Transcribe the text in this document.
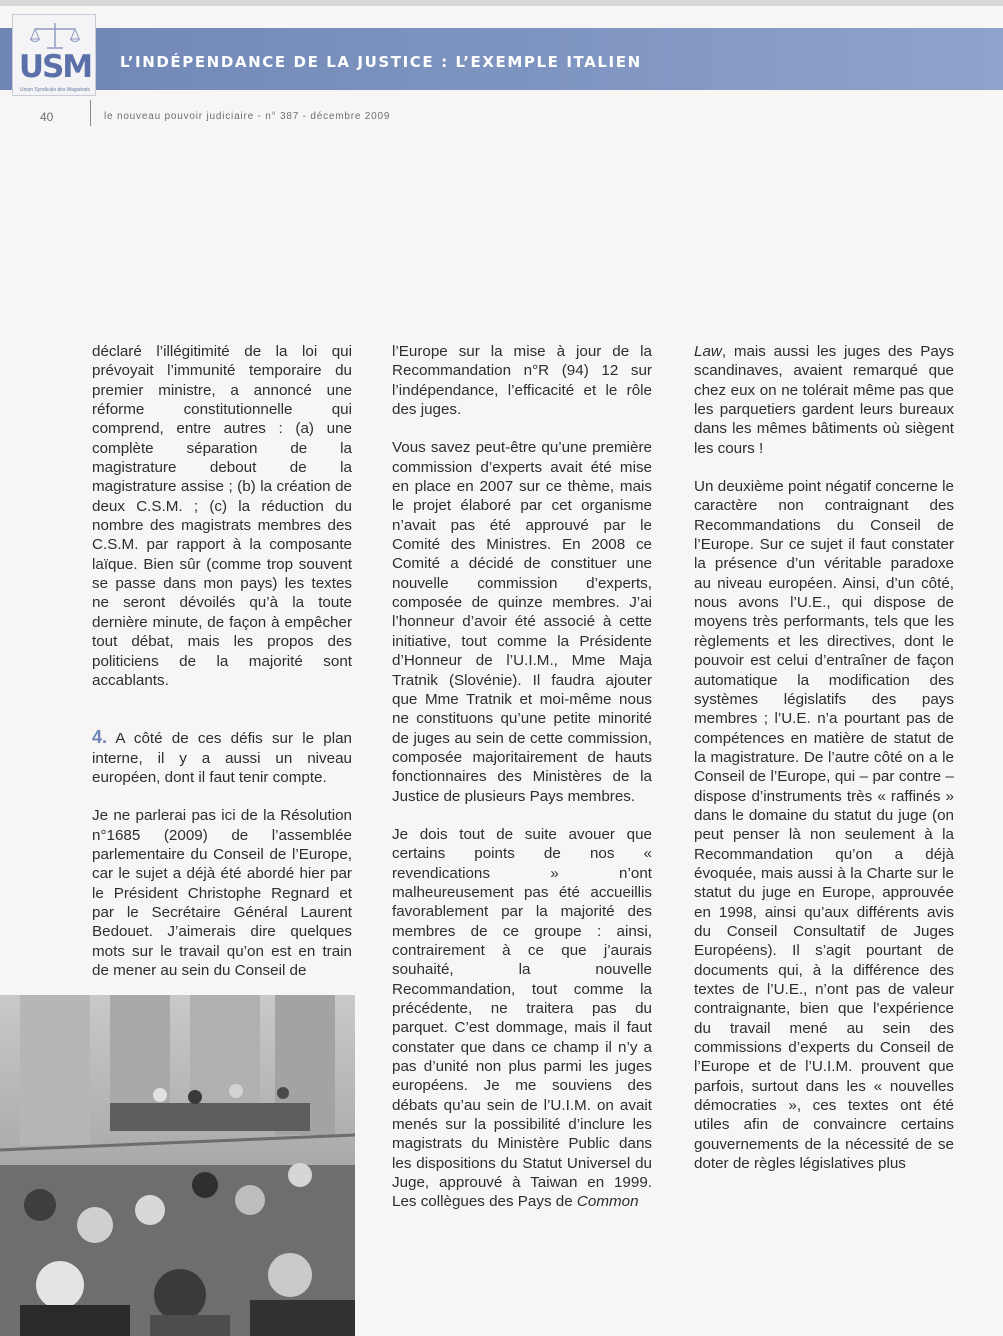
USM
Union Syndicale des Magistrats
L’INDÉPENDANCE DE LA JUSTICE : L’EXEMPLE ITALIEN
40	le nouveau pouvoir judiciaire - n° 387 - décembre 2009

déclaré l’illégitimité de la loi qui prévoyait l’immunité temporaire du premier ministre, a annoncé une réforme constitutionnelle qui comprend, entre autres : (a) une complète séparation de la magistrature debout de la magistrature assise ; (b) la création de deux C.S.M. ; (c) la réduction du nombre des magistrats membres des C.S.M. par rapport à la composante laïque. Bien sûr (comme trop souvent se passe dans mon pays) les textes ne seront dévoilés qu’à la toute dernière minute, de façon à empêcher tout débat, mais les propos des politiciens de la majorité sont accablants.

4. A côté de ces défis sur le plan interne, il y a aussi un niveau européen, dont il faut tenir compte.

Je ne parlerai pas ici de la Résolution n°1685 (2009) de l’assemblée parlementaire du Conseil de l’Europe, car le sujet a déjà été abordé hier par le Président Christophe Regnard et par le Secrétaire Général Laurent Bedouet. J’aimerais dire quelques mots sur le travail qu’on est en train de mener au sein du Conseil de

l’Europe sur la mise à jour de la Recommandation n°R (94) 12 sur l’indépendance, l’efficacité et le rôle des juges.

Vous savez peut-être qu’une première commission d’experts avait été mise en place en 2007 sur ce thème, mais le projet élaboré par cet organisme n’avait pas été approuvé par le Comité des Ministres. En 2008 ce Comité a décidé de constituer une nouvelle commission d’experts, composée de quinze membres. J’ai l’honneur d’avoir été associé à cette initiative, tout comme la Présidente d’Honneur de l’U.I.M., Mme Maja Tratnik (Slovénie). Il faudra ajouter que Mme Tratnik et moi-même nous ne constituons qu’une petite minorité de juges au sein de cette commission, composée majoritairement de hauts fonctionnaires des Ministères de la Justice de plusieurs Pays membres.

Je dois tout de suite avouer que certains points de nos « revendications » n’ont malheureusement pas été accueillis favorablement par la majorité des membres de ce groupe : ainsi, contrairement à ce que j’aurais souhaité, la nouvelle Recommandation, tout comme la précédente, ne traitera pas du parquet. C’est dommage, mais il faut constater que dans ce champ il n’y a pas d’unité non plus parmi les juges européens. Je me souviens des débats qu’au sein de l’U.I.M. on avait menés sur la possibilité d’inclure les magistrats du Ministère Public dans les dispositions du Statut Universel du Juge, approuvé à Taiwan en 1999. Les collègues des Pays de Common

Law, mais aussi les juges des Pays scandinaves, avaient remarqué que chez eux on ne tolérait même pas que les parquetiers gardent leurs bureaux dans les mêmes bâtiments où siègent les cours !

Un deuxième point négatif concerne le caractère non contraignant des Recommandations du Conseil de l’Europe. Sur ce sujet il faut constater la présence d’un véritable paradoxe au niveau européen. Ainsi, d’un côté, nous avons l’U.E., qui dispose de moyens très performants, tels que les règlements et les directives, dont le pouvoir est celui d’entraîner de façon automatique la modification des systèmes législatifs des pays membres ; l’U.E. n’a pourtant pas de compétences en matière de statut de la magistrature. De l’autre côté on a le Conseil de l’Europe, qui – par contre – dispose d’instruments très « raffinés » dans le domaine du statut du juge (on peut penser là non seulement à la Recommandation qu’on a déjà évoquée, mais aussi à la Charte sur le statut du juge en Europe, approuvée en 1998, ainsi qu’aux différents avis du Conseil Consultatif de Juges Européens). Il s’agit pourtant de documents qui, à la différence des textes de l’U.E., n’ont pas de valeur contraignante, bien que l’expérience du travail mené au sein des commissions d’experts du Conseil de l’Europe et de l’U.I.M. prouvent que parfois, surtout dans les « nouvelles démocraties », ces textes ont été utiles afin de convaincre certains gouvernements de la nécessité de se doter de règles législatives plus
